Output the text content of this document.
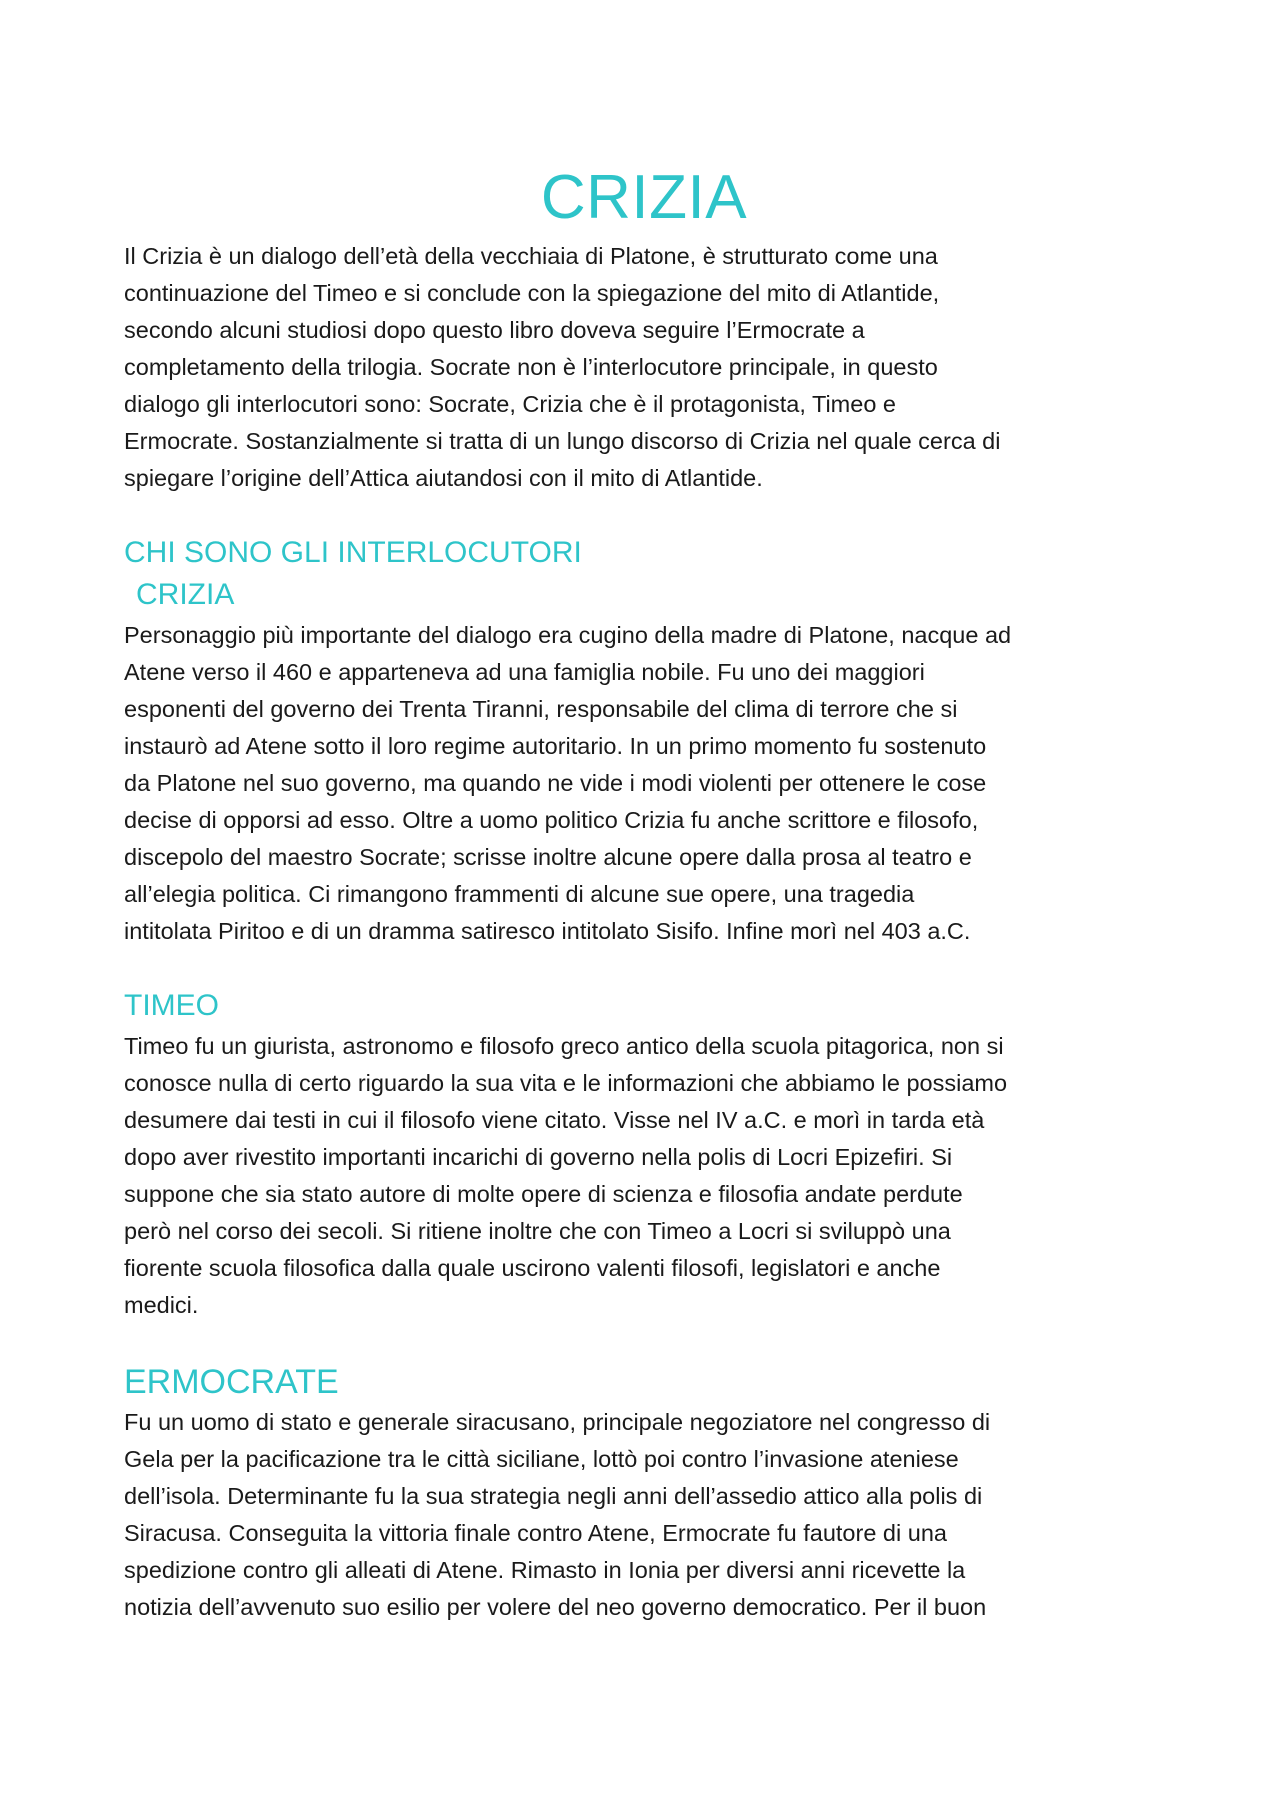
CRIZIA

Il Crizia è un dialogo dell’età della vecchiaia di Platone, è strutturato come una
continuazione del Timeo e si conclude con la spiegazione del mito di Atlantide,
secondo alcuni studiosi dopo questo libro doveva seguire l’Ermocrate a
completamento della trilogia. Socrate non è l’interlocutore principale, in questo
dialogo gli interlocutori sono: Socrate, Crizia che è il protagonista, Timeo e
Ermocrate. Sostanzialmente si tratta di un lungo discorso di Crizia nel quale cerca di
spiegare l’origine dell’Attica aiutandosi con il mito di Atlantide.

CHI SONO GLI INTERLOCUTORI
CRIZIA

Personaggio più importante del dialogo era cugino della madre di Platone, nacque ad
Atene verso il 460 e apparteneva ad una famiglia nobile. Fu uno dei maggiori
esponenti del governo dei Trenta Tiranni, responsabile del clima di terrore che si
instaurò ad Atene sotto il loro regime autoritario. In un primo momento fu sostenuto
da Platone nel suo governo, ma quando ne vide i modi violenti per ottenere le cose
decise di opporsi ad esso. Oltre a uomo politico Crizia fu anche scrittore e filosofo,
discepolo del maestro Socrate; scrisse inoltre alcune opere dalla prosa al teatro e
all’elegia politica. Ci rimangono frammenti di alcune sue opere, una tragedia
intitolata Piritoo e di un dramma satiresco intitolato Sisifo. Infine morì nel 403 a.C.

TIMEO

Timeo fu un giurista, astronomo e filosofo greco antico della scuola pitagorica, non si
conosce nulla di certo riguardo la sua vita e le informazioni che abbiamo le possiamo
desumere dai testi in cui il filosofo viene citato. Visse nel IV a.C. e morì in tarda età
dopo aver rivestito importanti incarichi di governo nella polis di Locri Epizefiri. Si
suppone che sia stato autore di molte opere di scienza e filosofia andate perdute
però nel corso dei secoli. Si ritiene inoltre che con Timeo a Locri si sviluppò una
fiorente scuola filosofica dalla quale uscirono valenti filosofi, legislatori e anche
medici.

ERMOCRATE

Fu un uomo di stato e generale siracusano, principale negoziatore nel congresso di
Gela per la pacificazione tra le città siciliane, lottò poi contro l’invasione ateniese
dell’isola. Determinante fu la sua strategia negli anni dell’assedio attico alla polis di
Siracusa. Conseguita la vittoria finale contro Atene, Ermocrate fu fautore di una
spedizione contro gli alleati di Atene. Rimasto in Ionia per diversi anni ricevette la
notizia dell’avvenuto suo esilio per volere del neo governo democratico. Per il buon
